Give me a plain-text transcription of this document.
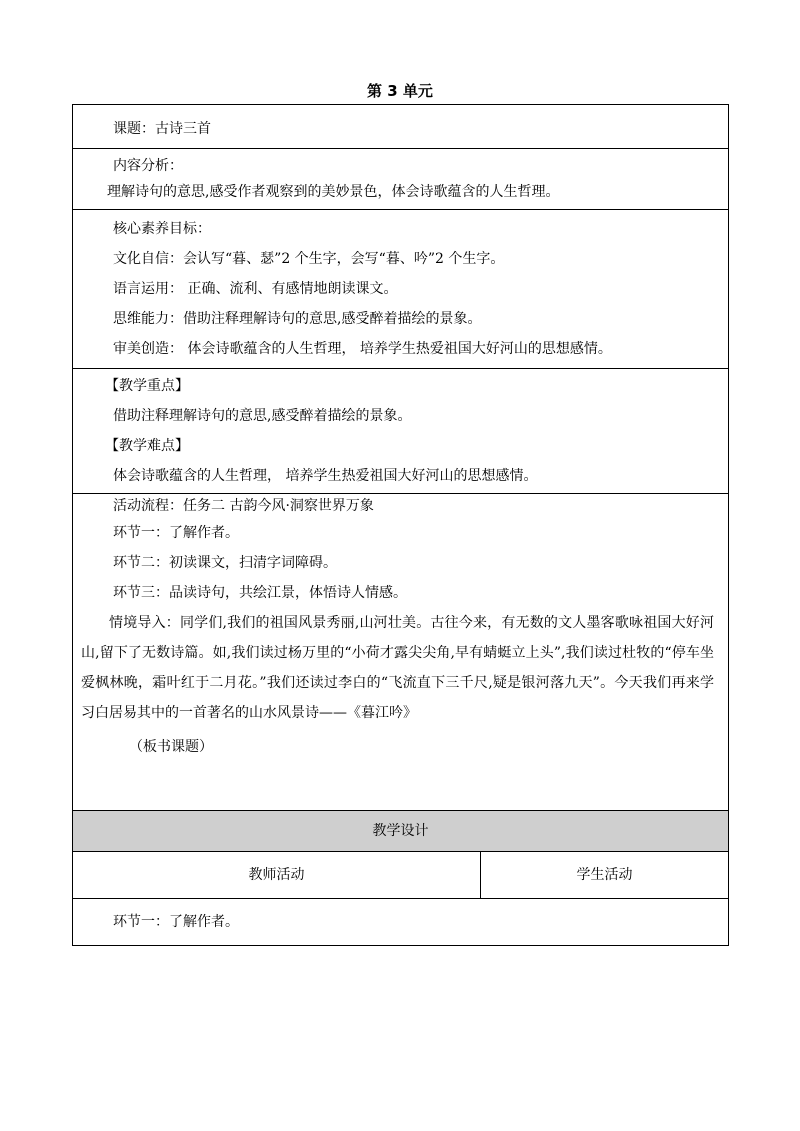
第 3 单元
课题：古诗三首

内容分析：
理解诗句的意思,感受作者观察到的美妙景色，体会诗歌蕴含的人生哲理。

核心素养目标：
文化自信：会认写“暮、瑟”2 个生字，会写“暮、吟”2 个生字。
语言运用： 正确、流利、有感情地朗读课文。
思维能力：借助注释理解诗句的意思,感受醉着描绘的景象。
审美创造： 体会诗歌蕴含的人生哲理， 培养学生热爱祖国大好河山的思想感情。

【教学重点】
借助注释理解诗句的意思,感受醉着描绘的景象。
【教学难点】
体会诗歌蕴含的人生哲理， 培养学生热爱祖国大好河山的思想感情。

活动流程：任务二 古韵今风·洞察世界万象
环节一：了解作者。
环节二：初读课文，扫清字词障碍。
环节三：品读诗句，共绘江景，体悟诗人情感。
情境导入：同学们,我们的祖国风景秀丽,山河壮美。古往今来，有无数的文人墨客歌咏祖国大好河山,留下了无数诗篇。如,我们读过杨万里的“小荷才露尖尖角,早有蜻蜓立上头”,我们读过杜牧的“停车坐爱枫林晚，霜叶红于二月花。”我们还读过李白的“飞流直下三千尺,疑是银河落九天”。今天我们再来学习白居易其中的一首著名的山水风景诗——《暮江吟》
（板书课题）

教学设计
教师活动	学生活动

环节一：了解作者。
